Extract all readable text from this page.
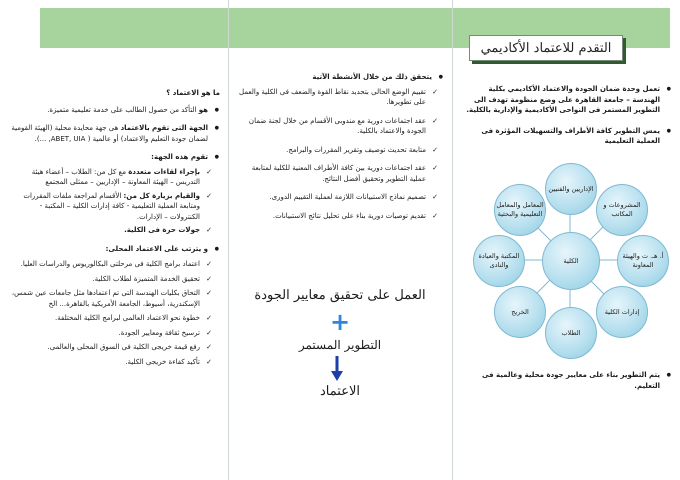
التقدم للاعتماد الأكاديمي
● تعمل وحدة ضمان الجودة والاعتماد الأكاديمي بكلية الهندسة – جامعة القاهرة على وضع منظومة تهدف الى التطوير المستمر فى النواحى الأكاديمية والإدارية بالكلية.
● يمس التطوير كافة الأطراف والتسهيلات المؤثرة فى العملية التعليمية
الإداريين والفنيين
المشروعات و المكاتب
أ. هـ. ت والهيئة المعاونة
إدارات الكلية
الطلاب
الخريج
المكتبة والعيادة والنادى
المعامل والمعامل التعليمية والبحثية
الكلية
● يتم التطوير بناء على معايير جودة محلية وعالمية فى التعليم.
● يتحقق ذلك من خلال الأنشطة الآتية
✓ تقييم الوضع الحالى بتحديد نقاط القوة والضعف فى الكلية والعمل على تطويرها.
✓ عقد اجتماعات دورية مع مندوبى الأقسام من خلال لجنة ضمان الجودة والاعتماد بالكلية.
✓ متابعة تحديث توصيف وتقرير المقررات والبرامج.
✓ عقد اجتماعات دورية بين كافة الأطراف المعنية للكلية لمتابعة عملية التطوير وتحقيق أفضل النتائج.
✓ تصميم نماذج الاستبيانات اللازمة لعملية التقييم الدورى.
✓ تقديم توصيات دورية بناء على تحليل نتائج الاستبيانات.
العمل على تحقيق معايير الجودة
+
التطوير المستمر
الاعتماد
ما هو الاعتماد ؟
● هو التأكد من حصول الطالب على خدمة تعليمية متميزة.
● الجهة التى تقوم بالاعتماد هى جهة محايدة محلية (الهيئة القومية لضمان جودة التعليم والاعتماد) أو عالمية ( ABET, UIA, ...).
● تقوم هذه الجهة:
✓ بإجراء لقاءات متعددة مع كل من: الطلاب – أعضاء هيئة التدريس – الهيئة المعاونة – الإداريين – ممثلى المجتمع
✓ والقيام بزيارة كل من: الأقسام لمراجعة ملفات المقررات ومتابعة العملية التعليمية - كافة إدارات الكلية – المكتبة - الكنترولات – الإدارات.
✓ جولات حرة فى الكلية.
● و يترتب على الاعتماد المحلى:
✓ اعتماد برامج الكلية فى مرحلتى البكالوريوس والدراسات العليا.
✓ تحقيق الخدمة المتميزة لطلاب الكلية.
✓ التحاق بكليات الهندسة التى تم اعتمادها مثل جامعات عين شمس، الإسكندرية، أسيوط، الجامعة الأمريكية بالقاهرة... الخ
✓ خطوة نحو الاعتماد العالمى لبرامج الكلية المختلفة.
✓ ترسيخ ثقافة ومعايير الجودة.
✓ رفع قيمة خريجى الكلية فى السوق المحلى والعالمى.
✓ تأكيد كفاءة خريجى الكلية.
